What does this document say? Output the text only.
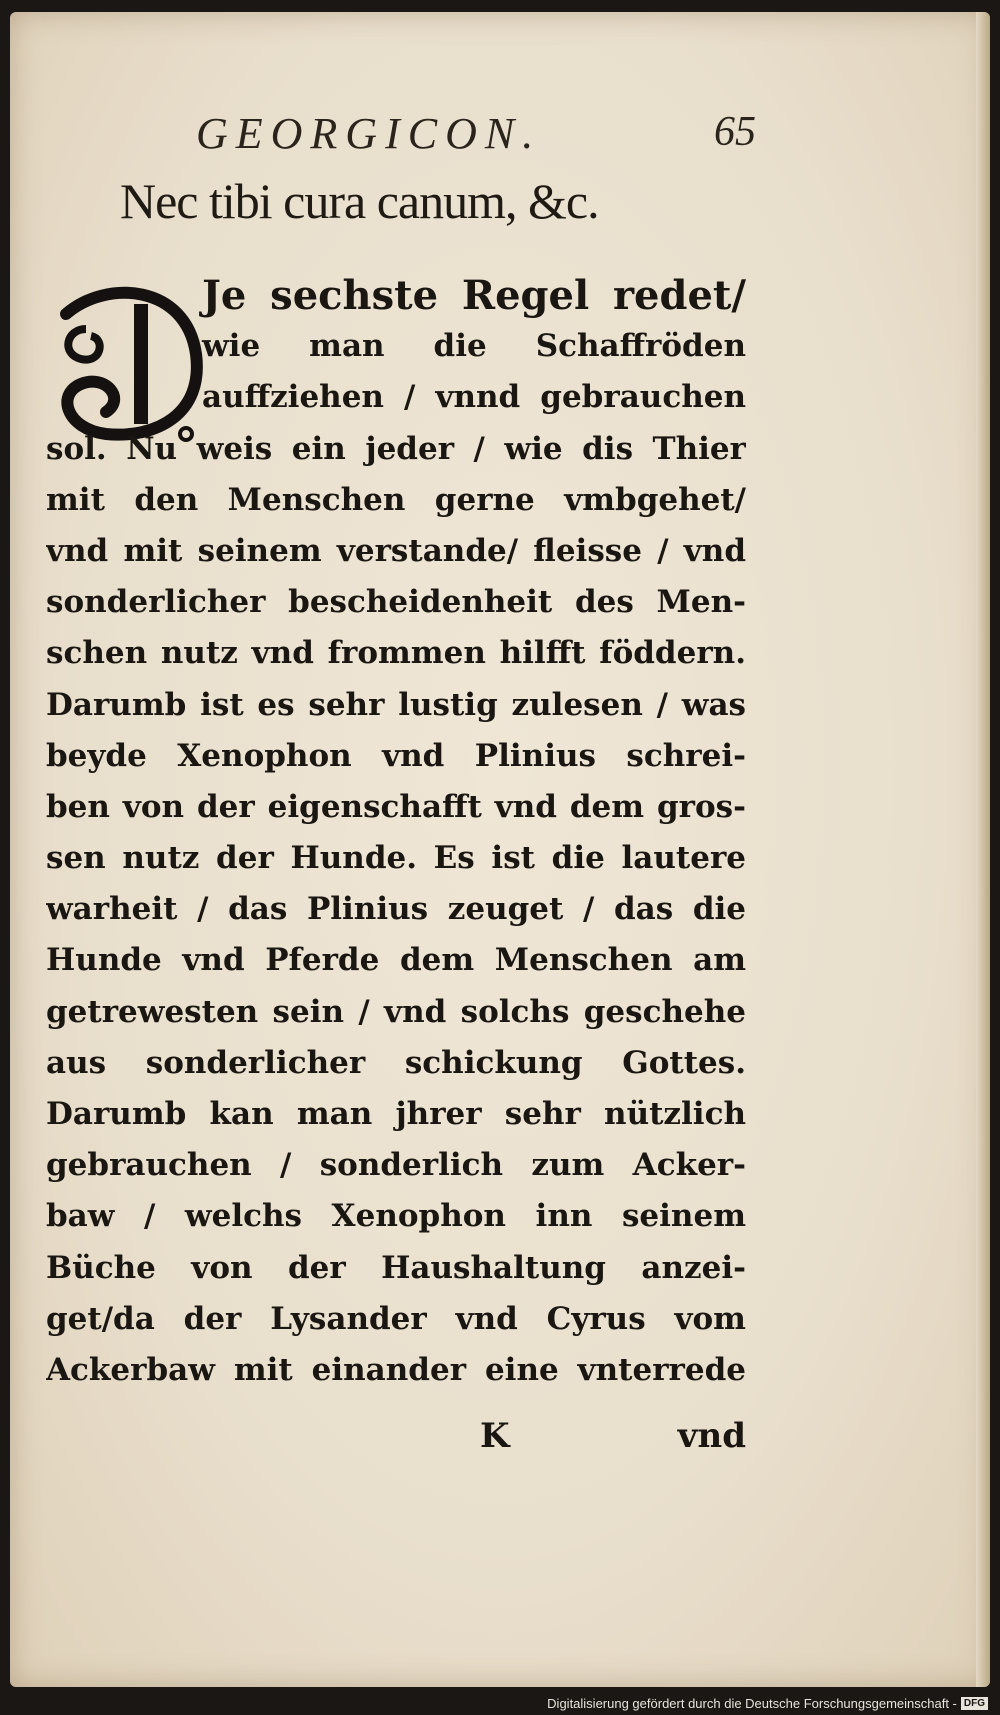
GEORGICON.	65
Nec tibi cura canum, &c.
Je sechste Regel redet/
wie man die Schaffröden
auffziehen / vnnd gebrauchen
sol. Nu weis ein jeder / wie dis Thier
mit den Menschen gerne vmbgehet/
vnd mit seinem verstande/ fleisse / vnd
sonderlicher bescheidenheit des Men-
schen nutz vnd frommen hilfft föddern.
Darumb ist es sehr lustig zulesen / was
beyde Xenophon vnd Plinius schrei-
ben von der eigenschafft vnd dem gros-
sen nutz der Hunde. Es ist die lautere
warheit / das Plinius zeuget / das die
Hunde vnd Pferde dem Menschen am
getrewesten sein / vnd solchs geschehe
aus sonderlicher schickung Gottes.
Darumb kan man jhrer sehr nützlich
gebrauchen / sonderlich zum Acker-
baw / welchs Xenophon inn seinem
Büche von der Haushaltung anzei-
get/da der Lysander vnd Cyrus vom
Ackerbaw mit einander eine vnterrede
K	vnd
Digitalisierung gefördert durch die Deutsche Forschungsgemeinschaft - DFG
